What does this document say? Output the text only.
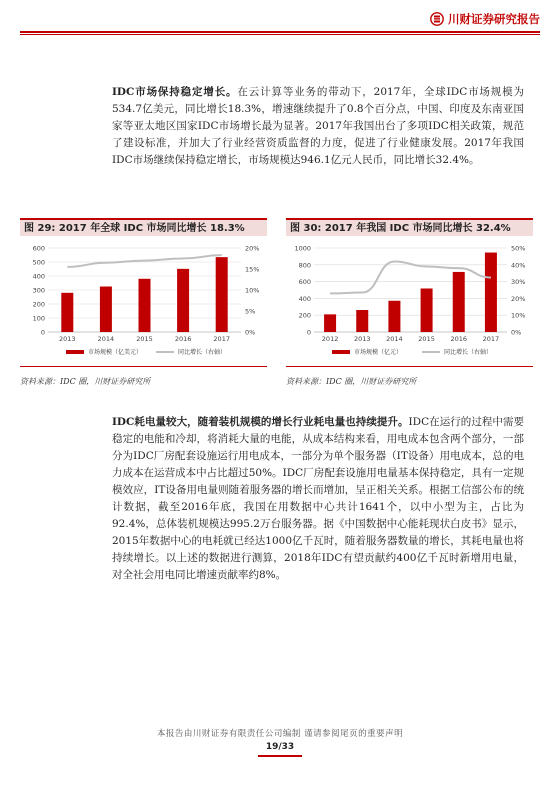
川财证券研究报告

IDC市场保持稳定增长。在云计算等业务的带动下，2017年，全球IDC市场规模为534.7亿美元，同比增长18.3%，增速继续提升了0.8个百分点，中国、印度及东南亚国家等亚太地区国家IDC市场增长最为显著。2017年我国出台了多项IDC相关政策，规范了建设标准，并加大了行业经营资质监督的力度，促进了行业健康发展。2017年我国IDC市场继续保持稳定增长，市场规模达946.1亿元人民币，同比增长32.4%。

图 29: 2017 年全球 IDC 市场同比增长 18.3%
0
100
200
300
400
500
600
0%
5%
10%
15%
20%
2013	2014	2015	2016	2017
市场规模（亿美元）	同比增长（右轴）
资料来源：IDC 圈，川财证券研究所
图 30: 2017 年我国 IDC 市场同比增长 32.4%
0
200
400
600
800
1000
0%
10%
20%
30%
40%
50%
2012 2013 2014 2015 2016 2017
市场规模（亿元）	同比增长（右轴）
资料来源：IDC 圈，川财证券研究所

IDC耗电量较大，随着装机规模的增长行业耗电量也持续提升。IDC在运行的过程中需要稳定的电能和冷却，将消耗大量的电能，从成本结构来看，用电成本包含两个部分，一部分为IDC厂房配套设施运行用电成本，一部分为单个服务器（IT设备）用电成本，总的电力成本在运营成本中占比超过50%。IDC厂房配套设施用电量基本保持稳定，具有一定规模效应，IT设备用电量则随着服务器的增长而增加，呈正相关关系。根据工信部公布的统计数据，截至2016年底，我国在用数据中心共计1641个，以中小型为主，占比为92.4%，总体装机规模达995.2万台服务器。据《中国数据中心能耗现状白皮书》显示，2015年数据中心的电耗就已经达1000亿千瓦时，随着服务器数量的增长，其耗电量也将持续增长。以上述的数据进行测算，2018年IDC有望贡献约400亿千瓦时新增用电量，对全社会用电同比增速贡献率约8%。

本报告由川财证券有限责任公司编制 谨请参阅尾页的重要声明
19/33
